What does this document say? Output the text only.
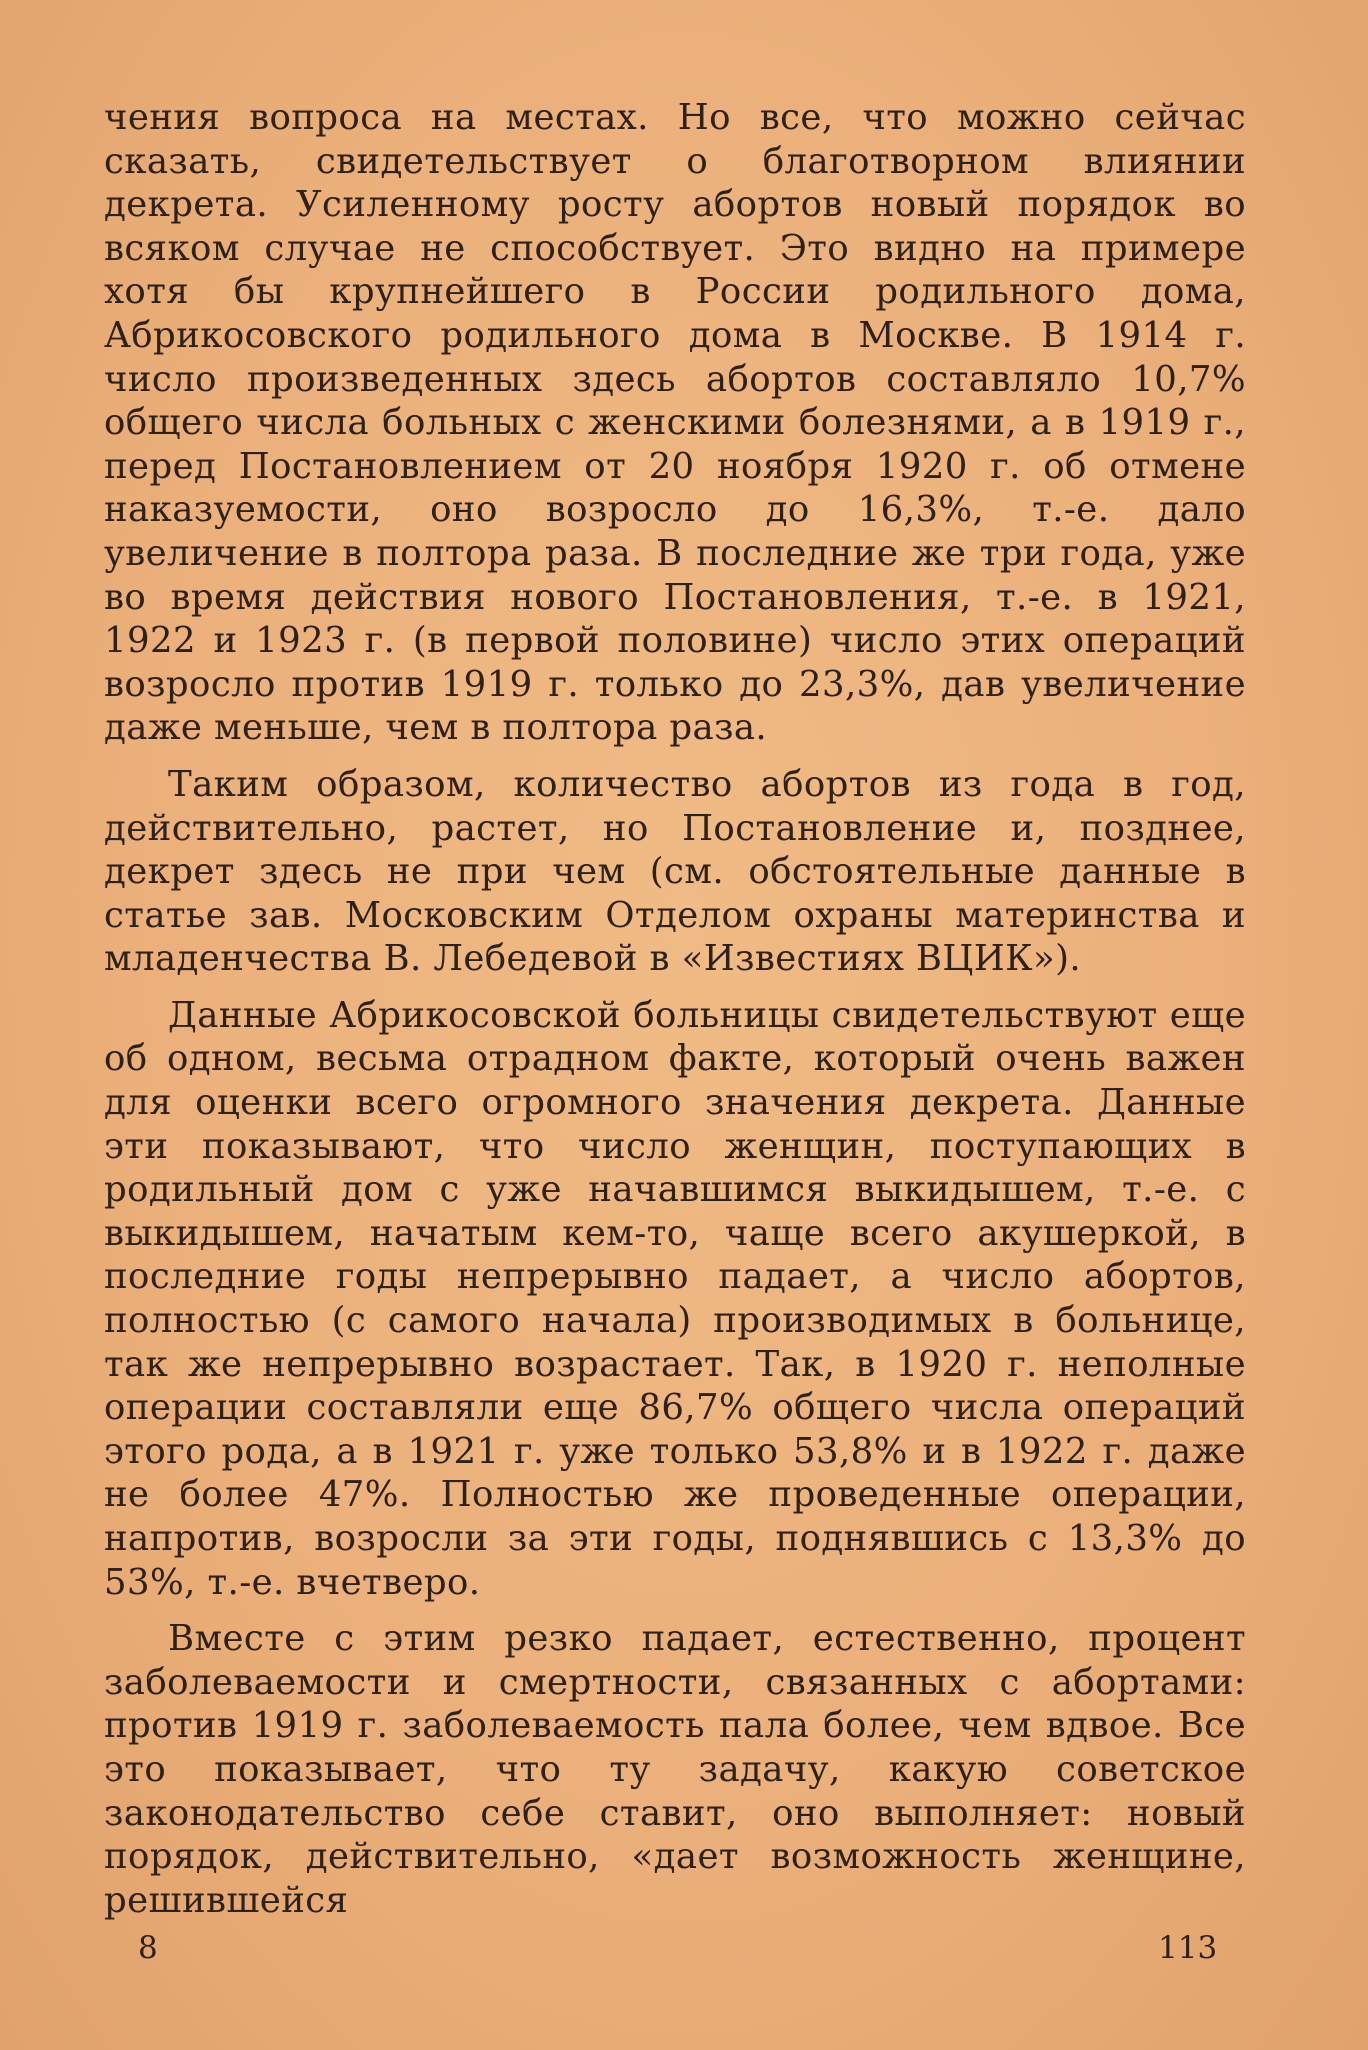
чения вопроса на местах. Но все, что можно сейчас сказать, свидетельствует о благотворном влиянии декрета. Усиленному росту абортов новый порядок во всяком случае не способствует. Это видно на примере хотя бы крупнейшего в России родильного дома, Абрикосовского родильного дома в Москве. В 1914 г. число произведенных здесь абортов составляло 10,7% общего числа больных с женскими болезнями, а в 1919 г., перед Постановлением от 20 ноября 1920 г. об отмене наказуемости, оно возросло до 16,3%, т.-е. дало увеличение в полтора раза. В последние же три года, уже во время действия нового Постановления, т.-е. в 1921, 1922 и 1923 г. (в первой половине) число этих операций возросло против 1919 г. только до 23,3%, дав увеличение даже меньше, чем в полтора раза.

Таким образом, количество абортов из года в год, действительно, растет, но Постановление и, позднее, декрет здесь не при чем (см. обстоятельные данные в статье зав. Московским Отделом охраны материнства и младенчества В. Лебедевой в «Известиях ВЦИК»).

Данные Абрикосовской больницы свидетельствуют еще об одном, весьма отрадном факте, который очень важен для оценки всего огромного значения декрета. Данные эти показывают, что число женщин, поступающих в родильный дом с уже начавшимся выкидышем, т.-е. с выкидышем, начатым кем-то, чаще всего акушеркой, в последние годы непрерывно падает, а число абортов, полностью (с самого начала) производимых в больнице, так же непрерывно возрастает. Так, в 1920 г. неполные операции составляли еще 86,7% общего числа операций этого рода, а в 1921 г. уже только 53,8% и в 1922 г. даже не более 47%. Полностью же проведенные операции, напротив, возросли за эти годы, поднявшись с 13,3% до 53%, т.-е. вчетверо.

Вместе с этим резко падает, естественно, процент заболеваемости и смертности, связанных с абортами: против 1919 г. заболеваемость пала более, чем вдвое. Все это показывает, что ту задачу, какую советское законодательство себе ставит, оно выполняет: новый порядок, действительно, «дает возможность женщине, решившейся

8	113
